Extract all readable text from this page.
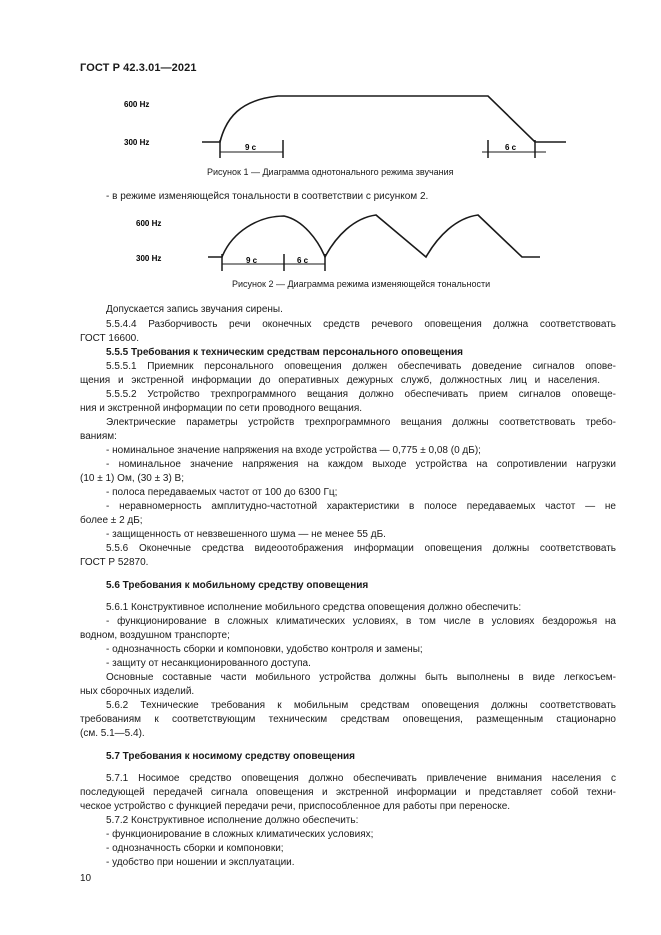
ГОСТ Р 42.3.01—2021
600 Hz
300 Hz
9 с	6 с
Рисунок 1 — Диаграмма однотонального режима звучания
- в режиме изменяющейся тональности в соответствии с рисунком 2.
600 Hz
300 Hz	9 с	6 с
Рисунок 2 — Диаграмма режима изменяющейся тональности
Допускается запись звучания сирены.
5.5.4.4 Разборчивость речи оконечных средств речевого оповещения должна соответствовать
ГОСТ 16600.
5.5.5 Требования к техническим средствам персонального оповещения
5.5.5.1 Приемник персонального оповещения должен обеспечивать доведение сигналов опове-
щения и экстренной информации до оперативных дежурных служб, должностных лиц и населения.
5.5.5.2 Устройство трехпрограммного вещания должно обеспечивать прием сигналов оповеще-
ния и экстренной информации по сети проводного вещания.
Электрические параметры устройств трехпрограммного вещания должны соответствовать требо-
ваниям:
- номинальное значение напряжения на входе устройства — 0,775 ± 0,08 (0 дБ);
- номинальное значение напряжения на каждом выходе устройства на сопротивлении нагрузки
(10 ± 1) Ом, (30 ± 3) В;
- полоса передаваемых частот от 100 до 6300 Гц;
- неравномерность амплитудно-частотной характеристики в полосе передаваемых частот — не
более ± 2 дБ;
- защищенность от невзвешенного шума — не менее 55 дБ.
5.5.6 Оконечные средства видеоотображения информации оповещения должны соответствовать
ГОСТ Р 52870.
5.6 Требования к мобильному средству оповещения
5.6.1 Конструктивное исполнение мобильного средства оповещения должно обеспечить:
- функционирование в сложных климатических условиях, в том числе в условиях бездорожья на
водном, воздушном транспорте;
- однозначность сборки и компоновки, удобство контроля и замены;
- защиту от несанкционированного доступа.
Основные составные части мобильного устройства должны быть выполнены в виде легкосъем-
ных сборочных изделий.
5.6.2 Технические требования к мобильным средствам оповещения должны соответствовать
требованиям к соответствующим техническим средствам оповещения, размещенным стационарно
(см. 5.1—5.4).
5.7 Требования к носимому средству оповещения
5.7.1 Носимое средство оповещения должно обеспечивать привлечение внимания населения с
последующей передачей сигнала оповещения и экстренной информации и представляет собой техни-
ческое устройство с функцией передачи речи, приспособленное для работы при переноске.
5.7.2 Конструктивное исполнение должно обеспечить:
- функционирование в сложных климатических условиях;
- однозначность сборки и компоновки;
- удобство при ношении и эксплуатации.
10
